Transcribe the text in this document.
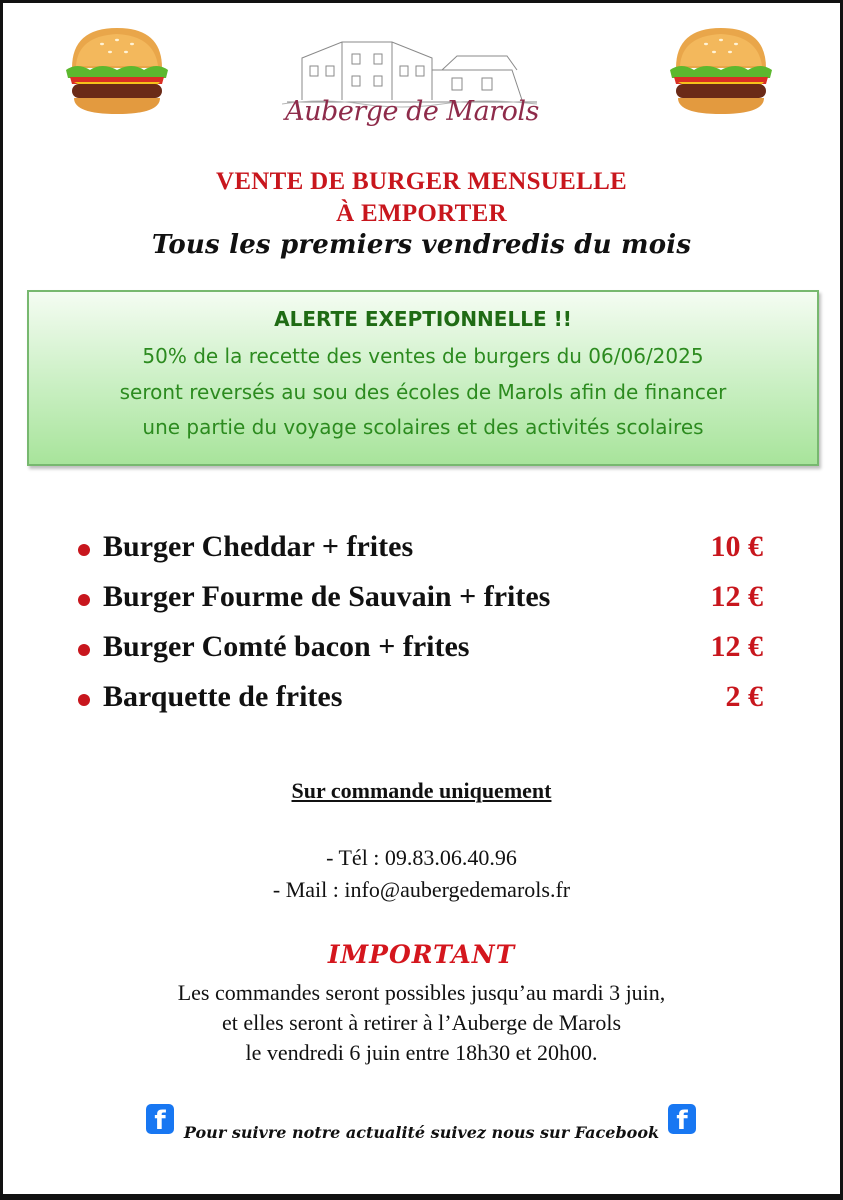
Auberge de Marols
VENTE DE BURGER MENSUELLE
À EMPORTER
Tous les premiers vendredis du mois
ALERTE EXEPTIONNELLE !!
50% de la recette des ventes de burgers du 06/06/2025
seront reversés au sou des écoles de Marols afin de financer
une partie du voyage scolaires et des activités scolaires
Burger Cheddar + frites	10 €
Burger Fourme de Sauvain + frites	12 €
Burger Comté bacon + frites	12 €
Barquette de frites	2 €
Sur commande uniquement
- Tél : 09.83.06.40.96
- Mail : info@aubergedemarols.fr
IMPORTANT
Les commandes seront possibles jusqu’au mardi 3 juin,
et elles seront à retirer à l’Auberge de Marols
le vendredi 6 juin entre 18h30 et 20h00.
f	Pour suivre notre actualité suivez nous sur Facebook f
